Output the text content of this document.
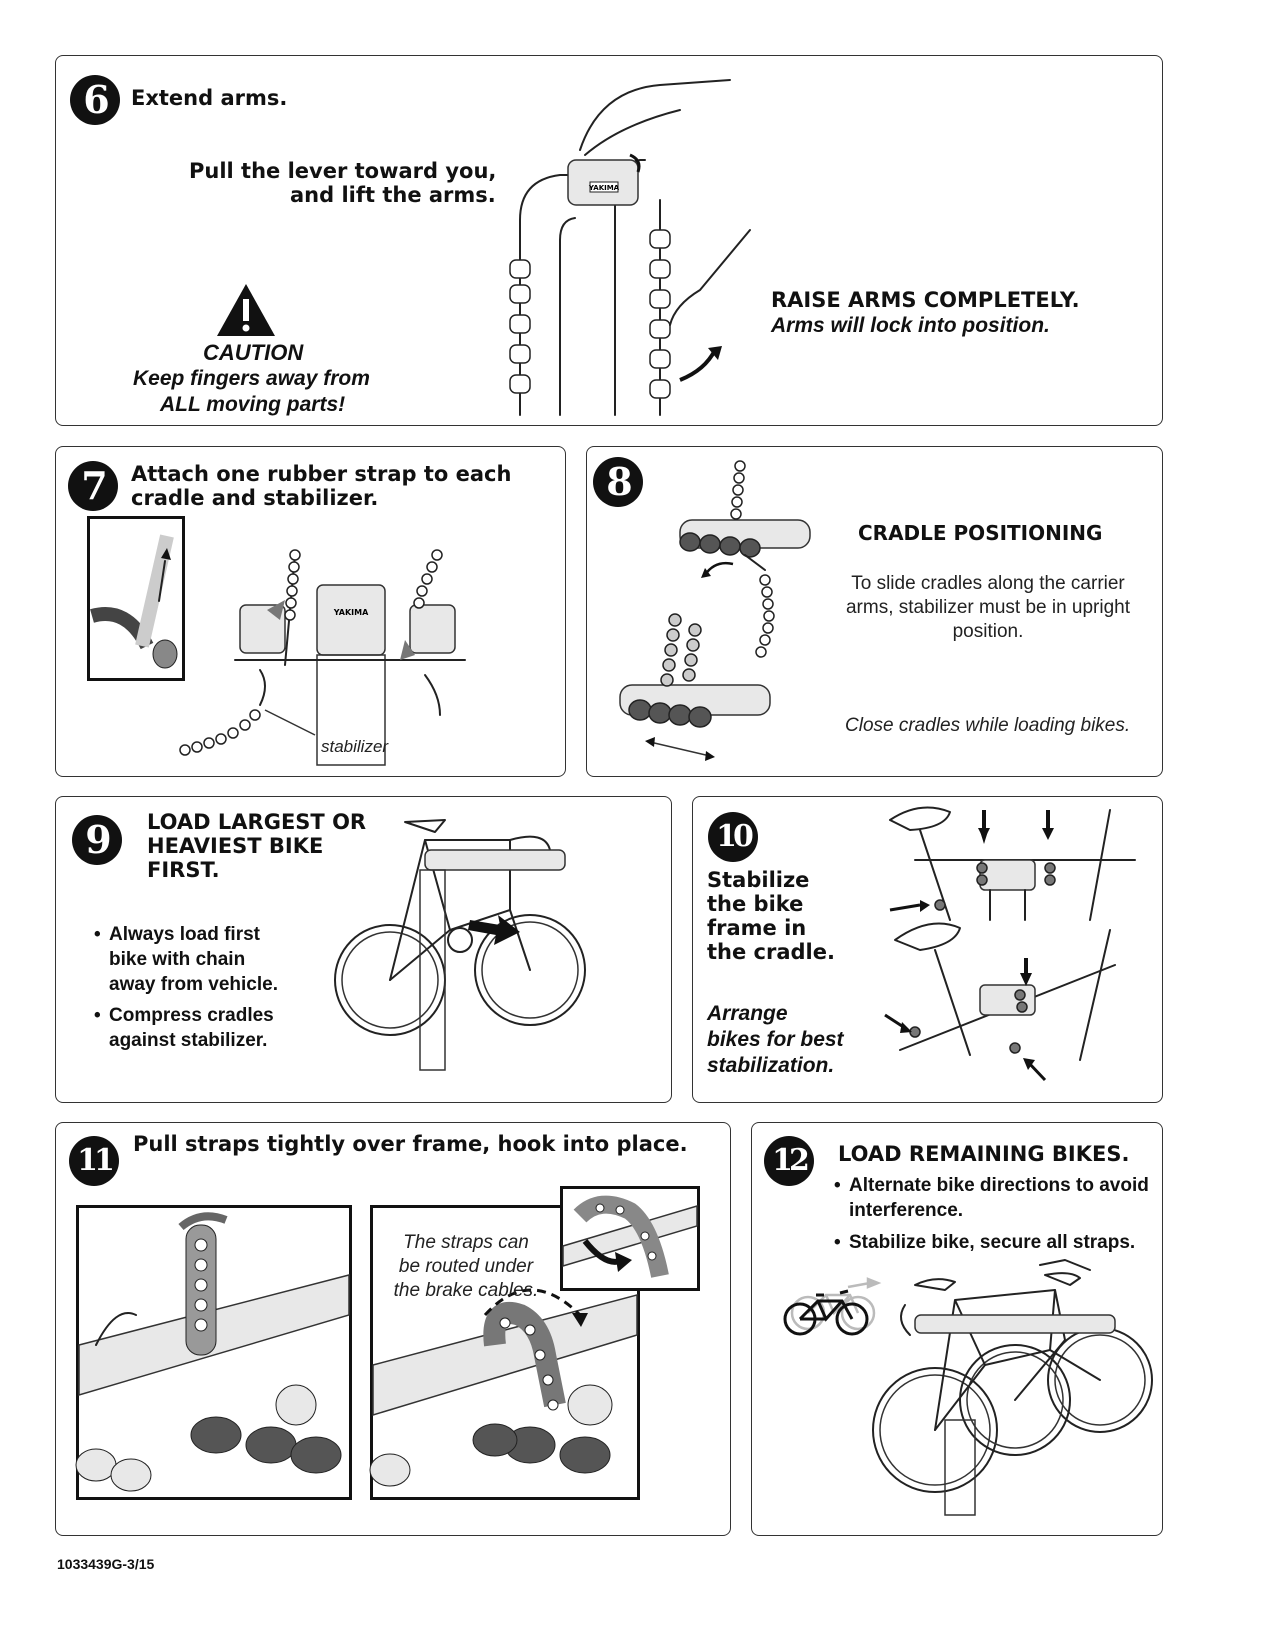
6	Extend arms.
Pull the lever toward you,
and lift the arms.
CAUTION
Keep fingers away from
ALL moving parts!
RAISE ARMS COMPLETELY.
Arms will lock into position.
YAKIMA
7	Attach one rubber strap to each
cradle and stabilizer.
YAKIMA
stabilizer
8
CRADLE POSITIONING
To slide cradles along the carrier
arms, stabilizer must be in upright
position.
Close cradles while loading bikes.
9	LOAD LARGEST OR
HEAVIEST BIKE
FIRST.
• Always load first
bike with chain
away from vehicle.
• Compress cradles
against stabilizer.
10
Stabilize
the bike
frame in
the cradle.
Arrange
bikes for best
stabilization.
11	Pull straps tightly over frame, hook into place.
The straps can
be routed under
the brake cables.
12	LOAD REMAINING BIKES.
• Alternate bike directions to avoid
interference.
• Stabilize bike, secure all straps.
1033439G-3/15
